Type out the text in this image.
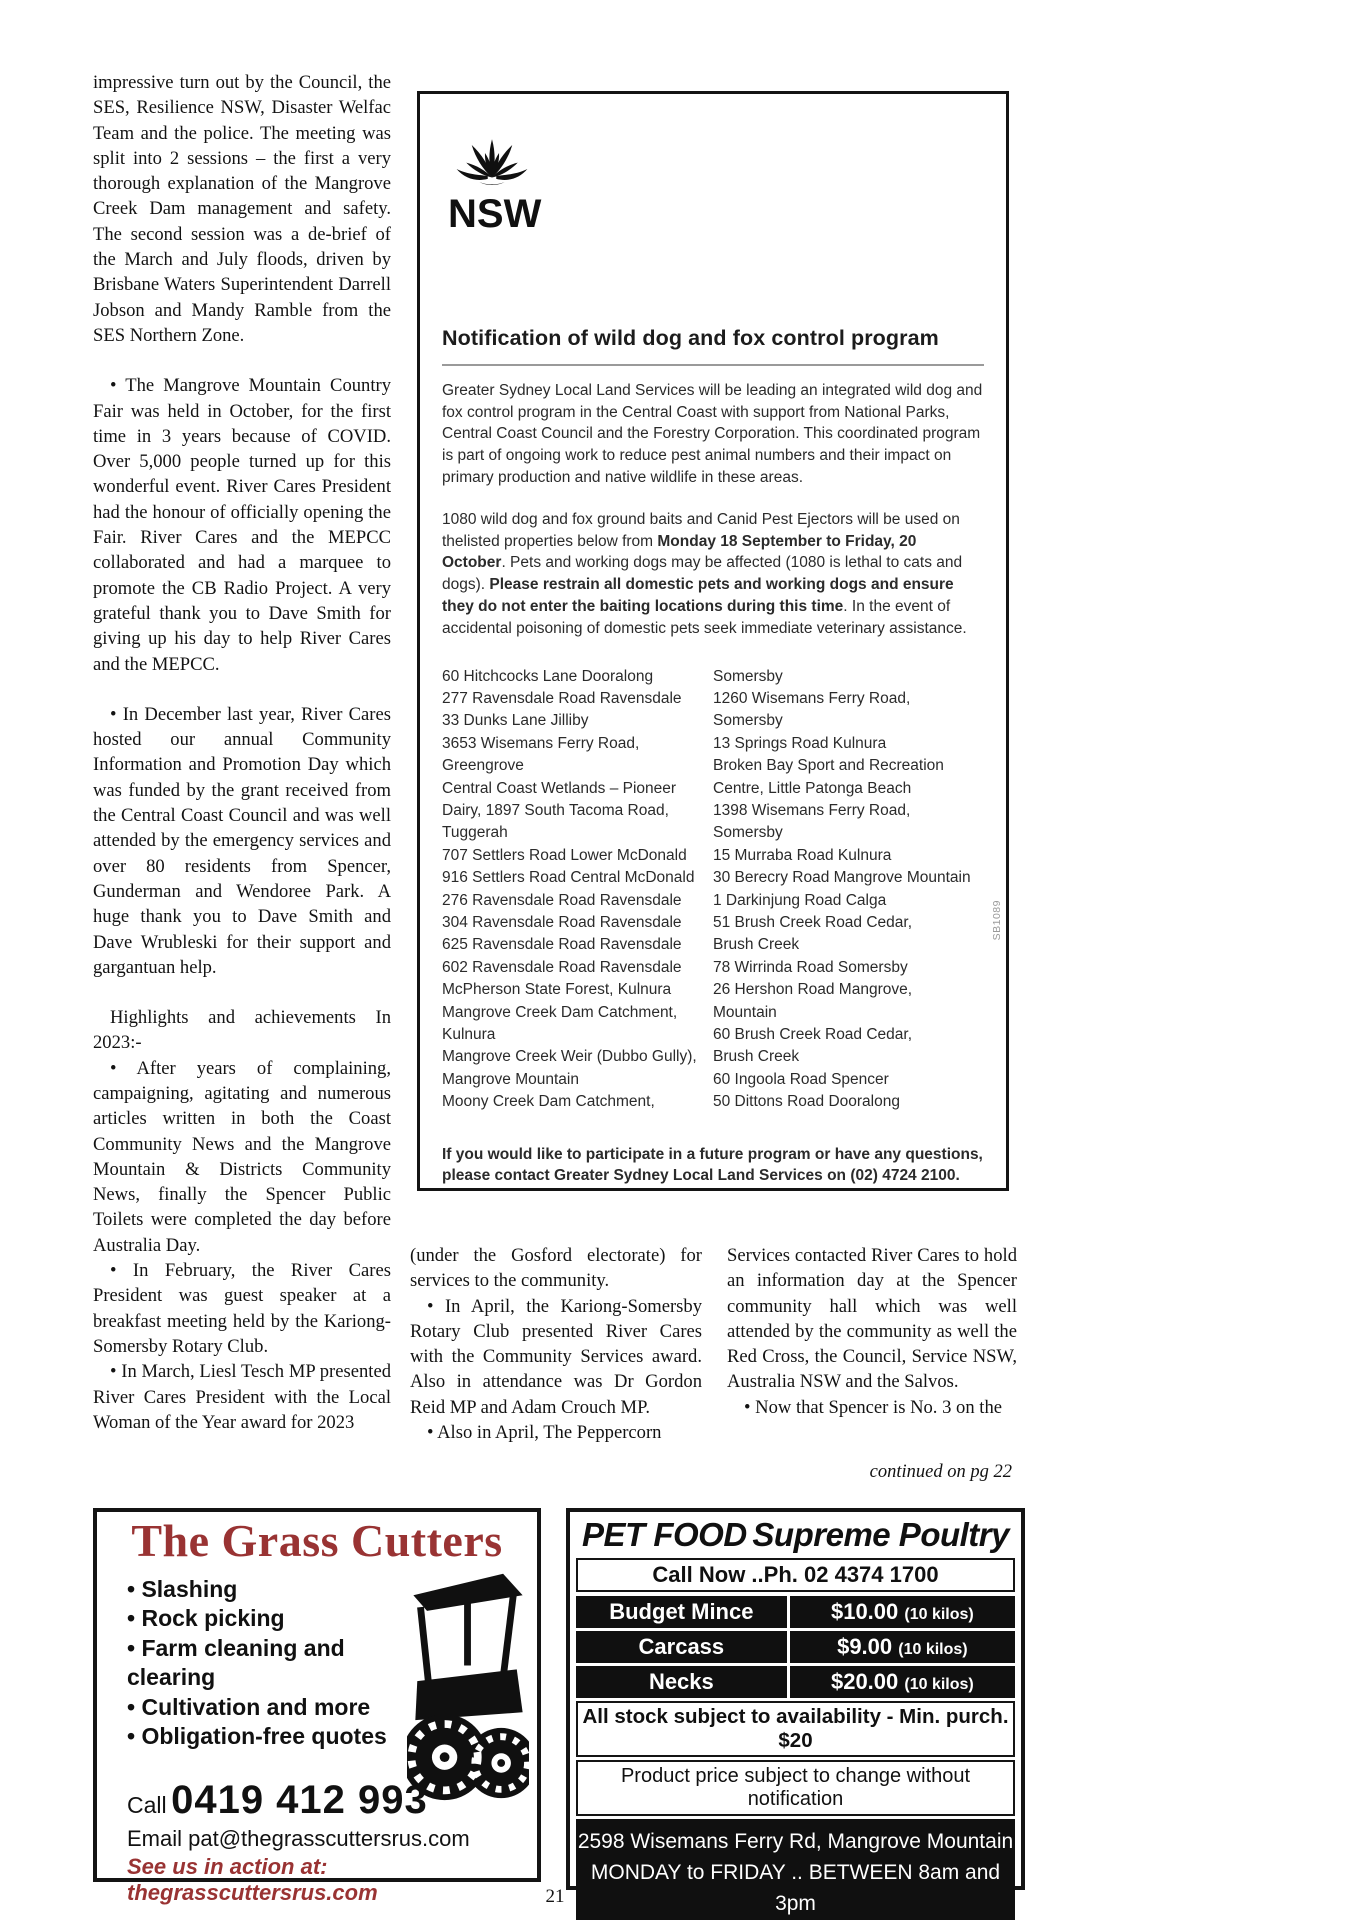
impressive turn out by the Council, the SES, Resilience NSW, Disaster Welfac Team and the police. The meeting was split into 2 sessions – the first a very thorough explanation of the Mangrove Creek Dam management and safety. The second session was a de-brief of the March and July floods, driven by Brisbane Waters Superintendent Darrell Jobson and Mandy Ramble from the SES Northern Zone.

• The Mangrove Mountain Country Fair was held in October, for the first time in 3 years because of COVID. Over 5,000 people turned up for this wonderful event. River Cares President had the honour of officially opening the Fair. River Cares and the MEPCC collaborated and had a marquee to promote the CB Radio Project. A very grateful thank you to Dave Smith for giving up his day to help River Cares and the MEPCC.

• In December last year, River Cares hosted our annual Community Information and Promotion Day which was funded by the grant received from the Central Coast Council and was well attended by the emergency services and over 80 residents from Spencer, Gunderman and Wendoree Park. A huge thank you to Dave Smith and Dave Wrubleski for their support and gargantuan help.

Highlights and achievements In 2023:-

• After years of complaining, campaigning, agitating and numerous articles written in both the Coast Community News and the Mangrove Mountain & Districts Community News, finally the Spencer Public Toilets were completed the day before Australia Day.

• In February, the River Cares President was guest speaker at a breakfast meeting held by the Kariong-Somersby Rotary Club.

• In March, Liesl Tesch MP presented River Cares President with the Local Woman of the Year award for 2023

NSW
Notification of wild dog and fox control program

Greater Sydney Local Land Services will be leading an integrated wild dog and fox control program in the Central Coast with support from National Parks, Central Coast Council and the Forestry Corporation. This coordinated program is part of ongoing work to reduce pest animal numbers and their impact on primary production and native wildlife in these areas.

1080 wild dog and fox ground baits and Canid Pest Ejectors will be used on thelisted properties below from Monday 18 September to Friday, 20 October. Pets and working dogs may be affected (1080 is lethal to cats and dogs). Please restrain all domestic pets and working dogs and ensure they do not enter the baiting locations during this time. In the event of accidental poisoning of domestic pets seek immediate veterinary assistance.

60 Hitchcocks Lane Dooralong
277 Ravensdale Road Ravensdale
33 Dunks Lane Jilliby
3653 Wisemans Ferry Road,
Greengrove
Central Coast Wetlands – Pioneer
Dairy, 1897 South Tacoma Road,
Tuggerah
707 Settlers Road Lower McDonald
916 Settlers Road Central McDonald
276 Ravensdale Road Ravensdale
304 Ravensdale Road Ravensdale
625 Ravensdale Road Ravensdale
602 Ravensdale Road Ravensdale
McPherson State Forest, Kulnura
Mangrove Creek Dam Catchment,
Kulnura
Mangrove Creek Weir (Dubbo Gully),
Mangrove Mountain
Moony Creek Dam Catchment,
Somersby
1260 Wisemans Ferry Road,
Somersby
13 Springs Road Kulnura
Broken Bay Sport and Recreation
Centre, Little Patonga Beach
1398 Wisemans Ferry Road,
Somersby
15 Murraba Road Kulnura
30 Berecry Road Mangrove Mountain
1 Darkinjung Road Calga
51 Brush Creek Road Cedar,
Brush Creek
78 Wirrinda Road Somersby
26 Hershon Road Mangrove,
Mountain
60 Brush Creek Road Cedar,
Brush Creek
60 Ingoola Road Spencer
50 Dittons Road Dooralong

If you would like to participate in a future program or have any questions, please contact Greater Sydney Local Land Services on (02) 4724 2100.

SB1089

(under the Gosford electorate) for services to the community.

• In April, the Kariong-Somersby Rotary Club presented River Cares with the Community Services award. Also in attendance was Dr Gordon Reid MP and Adam Crouch MP.

• Also in April, The Peppercorn

Services contacted River Cares to hold an information day at the Spencer community hall which was well attended by the community as well the Red Cross, the Council, Service NSW, Australia NSW and the Salvos.

• Now that Spencer is No. 3 on the

continued on pg 22
The Grass Cutters
• Slashing
• Rock picking
• Farm cleaning and clearing
• Cultivation and more
• Obligation-free quotes
Call 0419 412 993
Email pat@thegrasscuttersrus.com
See us in action at: thegrasscuttersrus.com
PET FOOD Supreme Poultry
Call Now ..Ph. 02 4374 1700
Budget Mince	$10.00 (10 kilos)
Carcass	$9.00 (10 kilos)
Necks	$20.00 (10 kilos)
All stock subject to availability - Min. purch. $20
Product price subject to change without notification
2598 Wisemans Ferry Rd, Mangrove Mountain
MONDAY to FRIDAY .. BETWEEN 8am and 3pm
21
